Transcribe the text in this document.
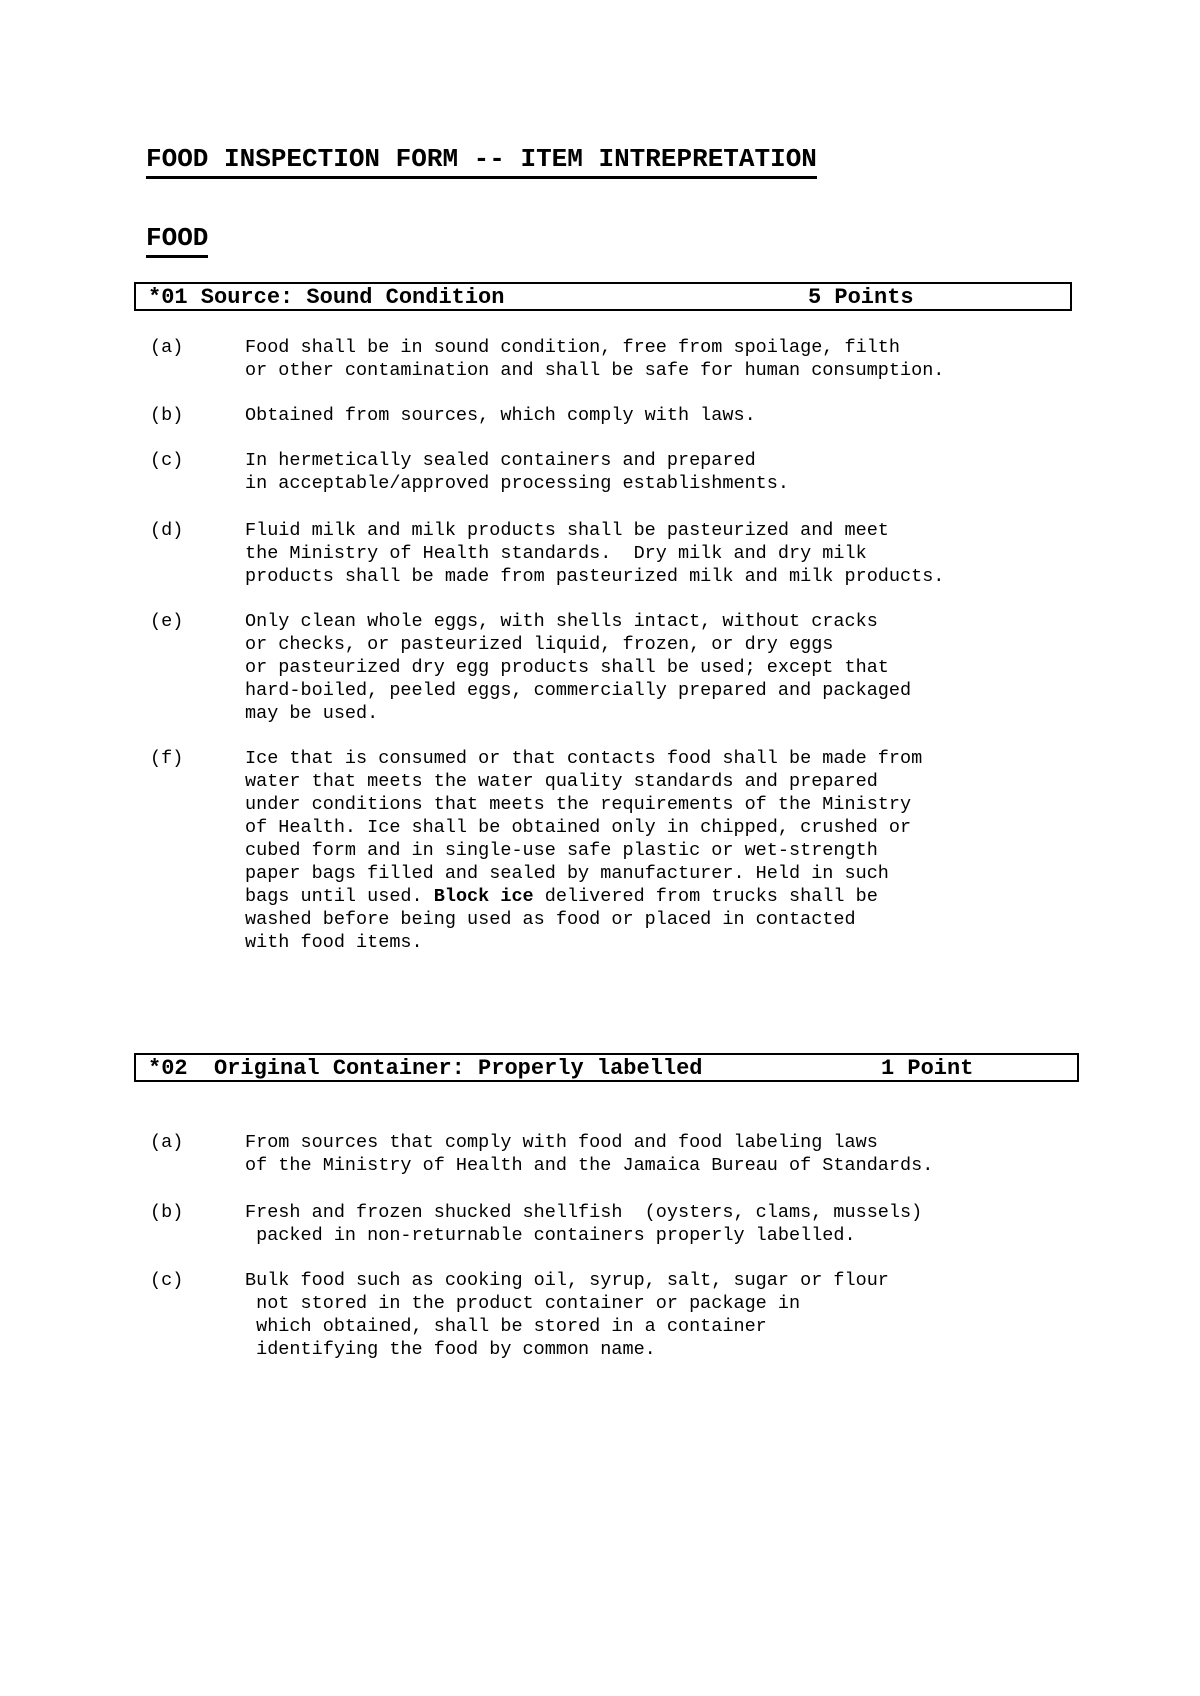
FOOD INSPECTION FORM -- ITEM INTREPRETATION
FOOD
*01 Source: Sound Condition	5 Points
(a)	Food shall be in sound condition, free from spoilage, filth
or other contamination and shall be safe for human consumption.
(b)	Obtained from sources, which comply with laws.
(c)	In hermetically sealed containers and prepared
in acceptable/approved processing establishments.
(d)	Fluid milk and milk products shall be pasteurized and meet
the Ministry of Health standards.  Dry milk and dry milk
products shall be made from pasteurized milk and milk products.
(e)	Only clean whole eggs, with shells intact, without cracks
or checks, or pasteurized liquid, frozen, or dry eggs
or pasteurized dry egg products shall be used; except that
hard-boiled, peeled eggs, commercially prepared and packaged
may be used.
(f)	Ice that is consumed or that contacts food shall be made from
water that meets the water quality standards and prepared
under conditions that meets the requirements of the Ministry
of Health. Ice shall be obtained only in chipped, crushed or
cubed form and in single-use safe plastic or wet-strength
paper bags filled and sealed by manufacturer. Held in such
bags until used. Block ice delivered from trucks shall be
washed before being used as food or placed in contacted
with food items.
*02  Original Container: Properly labelled	1 Point
(a)	From sources that comply with food and food labeling laws
of the Ministry of Health and the Jamaica Bureau of Standards.
(b)	Fresh and frozen shucked shellfish  (oysters, clams, mussels)
packed in non-returnable containers properly labelled.
(c)	Bulk food such as cooking oil, syrup, salt, sugar or flour
not stored in the product container or package in
which obtained, shall be stored in a container
identifying the food by common name.
